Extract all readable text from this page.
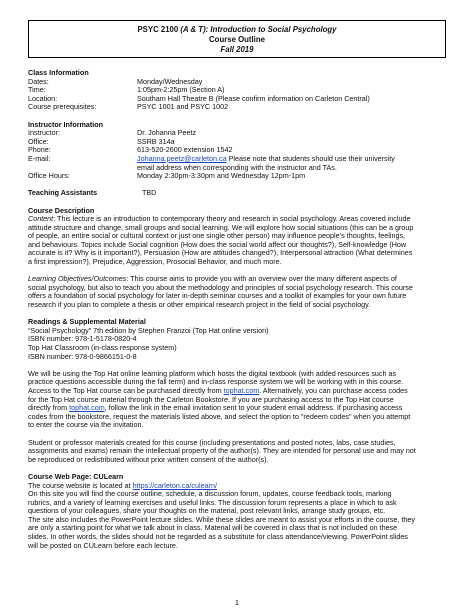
PSYC 2100 (A & T): Introduction to Social Psychology
Course Outline
Fall 2019
Class Information
Dates:	Monday/Wednesday
Time:	1:05pm-2:25pm (Section A)
Location:	Southam Hall Theatre B (Please confirm information on Carleton Central)
Course prerequisites:	PSYC 1001 and PSYC 1002
Instructor Information
Instructor:	Dr. Johanna Peetz
Office:	SSRB 314a
Phone:	613-520-2600 extension 1542
E-mail:	Johanna.peetz@carleton.ca Please note that students should use their university
email address when corresponding with the instructor and TAs.
Office Hours:	Monday 2:30pm-3:30pm and Wednesday 12pm-1pm
Teaching Assistants	TBD
Course Description

Content: This lecture is an introduction to contemporary theory and research in social psychology. Areas covered include

attitude structure and change, small groups and social learning. We will explore how social situations (this can be a group

of people, an entire social or cultural context or just one single other person) may influence people’s thoughts, feelings,

and behaviours. Topics include Social cognition (How does the social world affect our thoughts?), Self-knowledge (How

accurate is it? Why is it important?), Persuasion (How are attitudes changed?), Interpersonal attraction (What determines

a first impression?), Prejudice, Aggression, Prosocial Behavior, and much more.

Learning Objectives/Outcomes: This course aims to provide you with an overview over the many different aspects of

social psychology, but also to teach you about the methodology and principles of social psychology research. This course

offers a foundation of social psychology for later in-depth seminar courses and a toolkit of examples for your own future

research if you plan to complete a thesis or other empirical research project in the field of social psychology.

Readings & Supplemental Material

“Social Psychology” 7th edition by Stephen Franzoi (Top Hat online version)

ISBN number: 978-1-5178-0820-4

Top Hat Classroom (in-class response system)

ISBN number: 978-0-9866151-0-8

We will be using the Top Hat online learning platform which hosts the digital textbook (with added resources such as

practice questions accessible during the fall term) and in-class response system we will be working with in this course.

Access to the Top Hat course can be purchased directly from tophat.com. Alternatively, you can purchase access codes

for the Top Hat course material through the Carleton Bookstore. If you are purchasing access to the Top Hat course

directly from tophat.com, follow the link in the email invitation sent to your student email address. If purchasing access

codes from the bookstore, request the materials listed above, and select the option to "redeem codes" when you attempt

to enter the course via the invitation.

Student or professor materials created for this course (including presentations and posted notes, labs, case studies,

assignments and exams) remain the intellectual property of the author(s). They are intended for personal use and may not

be reproduced or redistributed without prior written consent of the author(s).

Course Web Page: CULearn

The course website is located at https://carleton.ca/culearn/

On this site you will find the course outline, schedule, a discussion forum, updates, course feedback tools, marking

rubrics, and a variety of learning exercises and useful links. The discussion forum represents a place in which to ask

questions of your colleagues, share your thoughts on the material, post relevant links, arrange study groups, etc.

The site also includes the PowerPoint lecture slides. While these slides are meant to assist your efforts in the course, they

are only a starting point for what we talk about in class. Material will be covered in class that is not included on these

slides. In other words, the slides should not be regarded as a substitute for class attendance/viewing. PowerPoint slides

will be posted on CULearn before each lecture.

1
